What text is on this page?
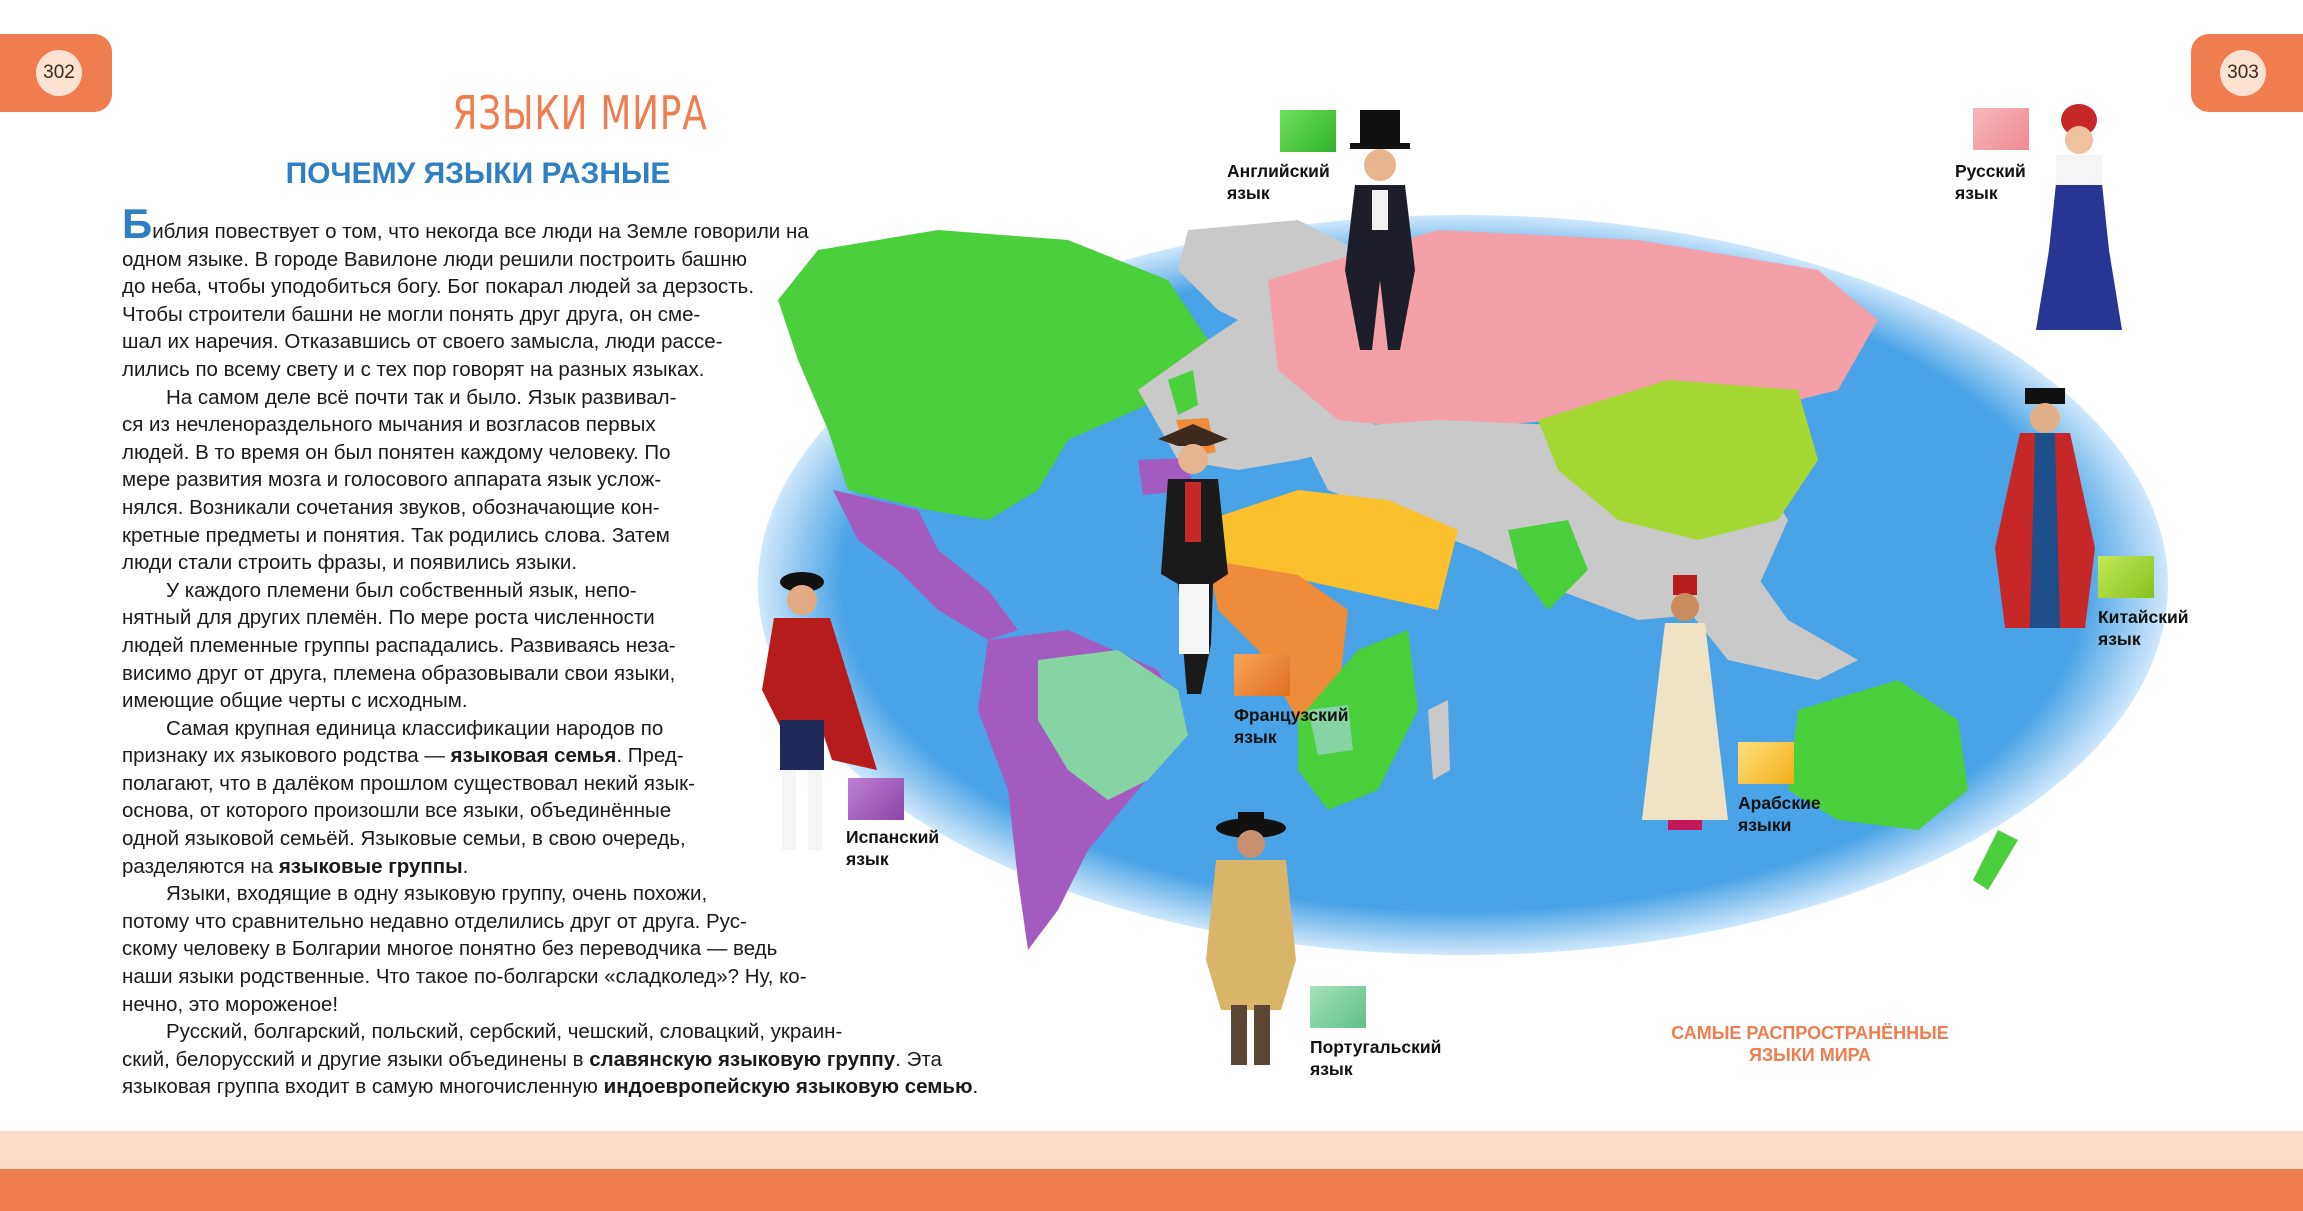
302	303
ЯЗЫКИ МИРА
ПОЧЕМУ ЯЗЫКИ РАЗНЫЕ
Библия повествует о том, что некогда все люди на Земле говорили на
одном языке. В городе Вавилоне люди решили построить башню
до неба, чтобы уподобиться богу. Бог покарал людей за дерзость.
Чтобы строители башни не могли понять друг друга, он сме-
шал их наречия. Отказавшись от своего замысла, люди рассе-
лились по всему свету и с тех пор говорят на разных языках.
На самом деле всё почти так и было. Язык развивал-
ся из нечленораздельного мычания и возгласов первых
людей. В то время он был понятен каждому человеку. По
мере развития мозга и голосового аппарата язык услож-
нялся. Возникали сочетания звуков, обозначающие кон-
кретные предметы и понятия. Так родились слова. Затем
люди стали строить фразы, и появились языки.
У каждого племени был собственный язык, непо-
нятный для других племён. По мере роста численности
людей племенные группы распадались. Развиваясь неза-
висимо друг от друга, племена образовывали свои языки,
имеющие общие черты с исходным.
Самая крупная единица классификации народов по
признаку их языкового родства — языковая семья. Пред-
полагают, что в далёком прошлом существовал некий язык-
основа, от которого произошли все языки, объединённые
одной языковой семьёй. Языковые семьи, в свою очередь,
разделяются на языковые группы.
Языки, входящие в одну языковую группу, очень похожи,
потому что сравнительно недавно отделились друг от друга. Рус-
скому человеку в Болгарии многое понятно без переводчика — ведь
наши языки родственные. Что такое по-болгарски «сладколед»? Ну, ко-
нечно, это мороженое!
Русский, болгарский, польский, сербский, чешский, словацкий, украин-
ский, белорусский и другие языки объединены в славянскую языковую группу. Эта
языковая группа входит в самую многочисленную индоевропейскую языковую семью.
Английский язык
Русский язык
Китайский язык
Французский язык
Арабские языки
Испанский язык
Португальский язык
САМЫЕ РАСПРОСТРАНЁННЫЕ ЯЗЫКИ МИРА
